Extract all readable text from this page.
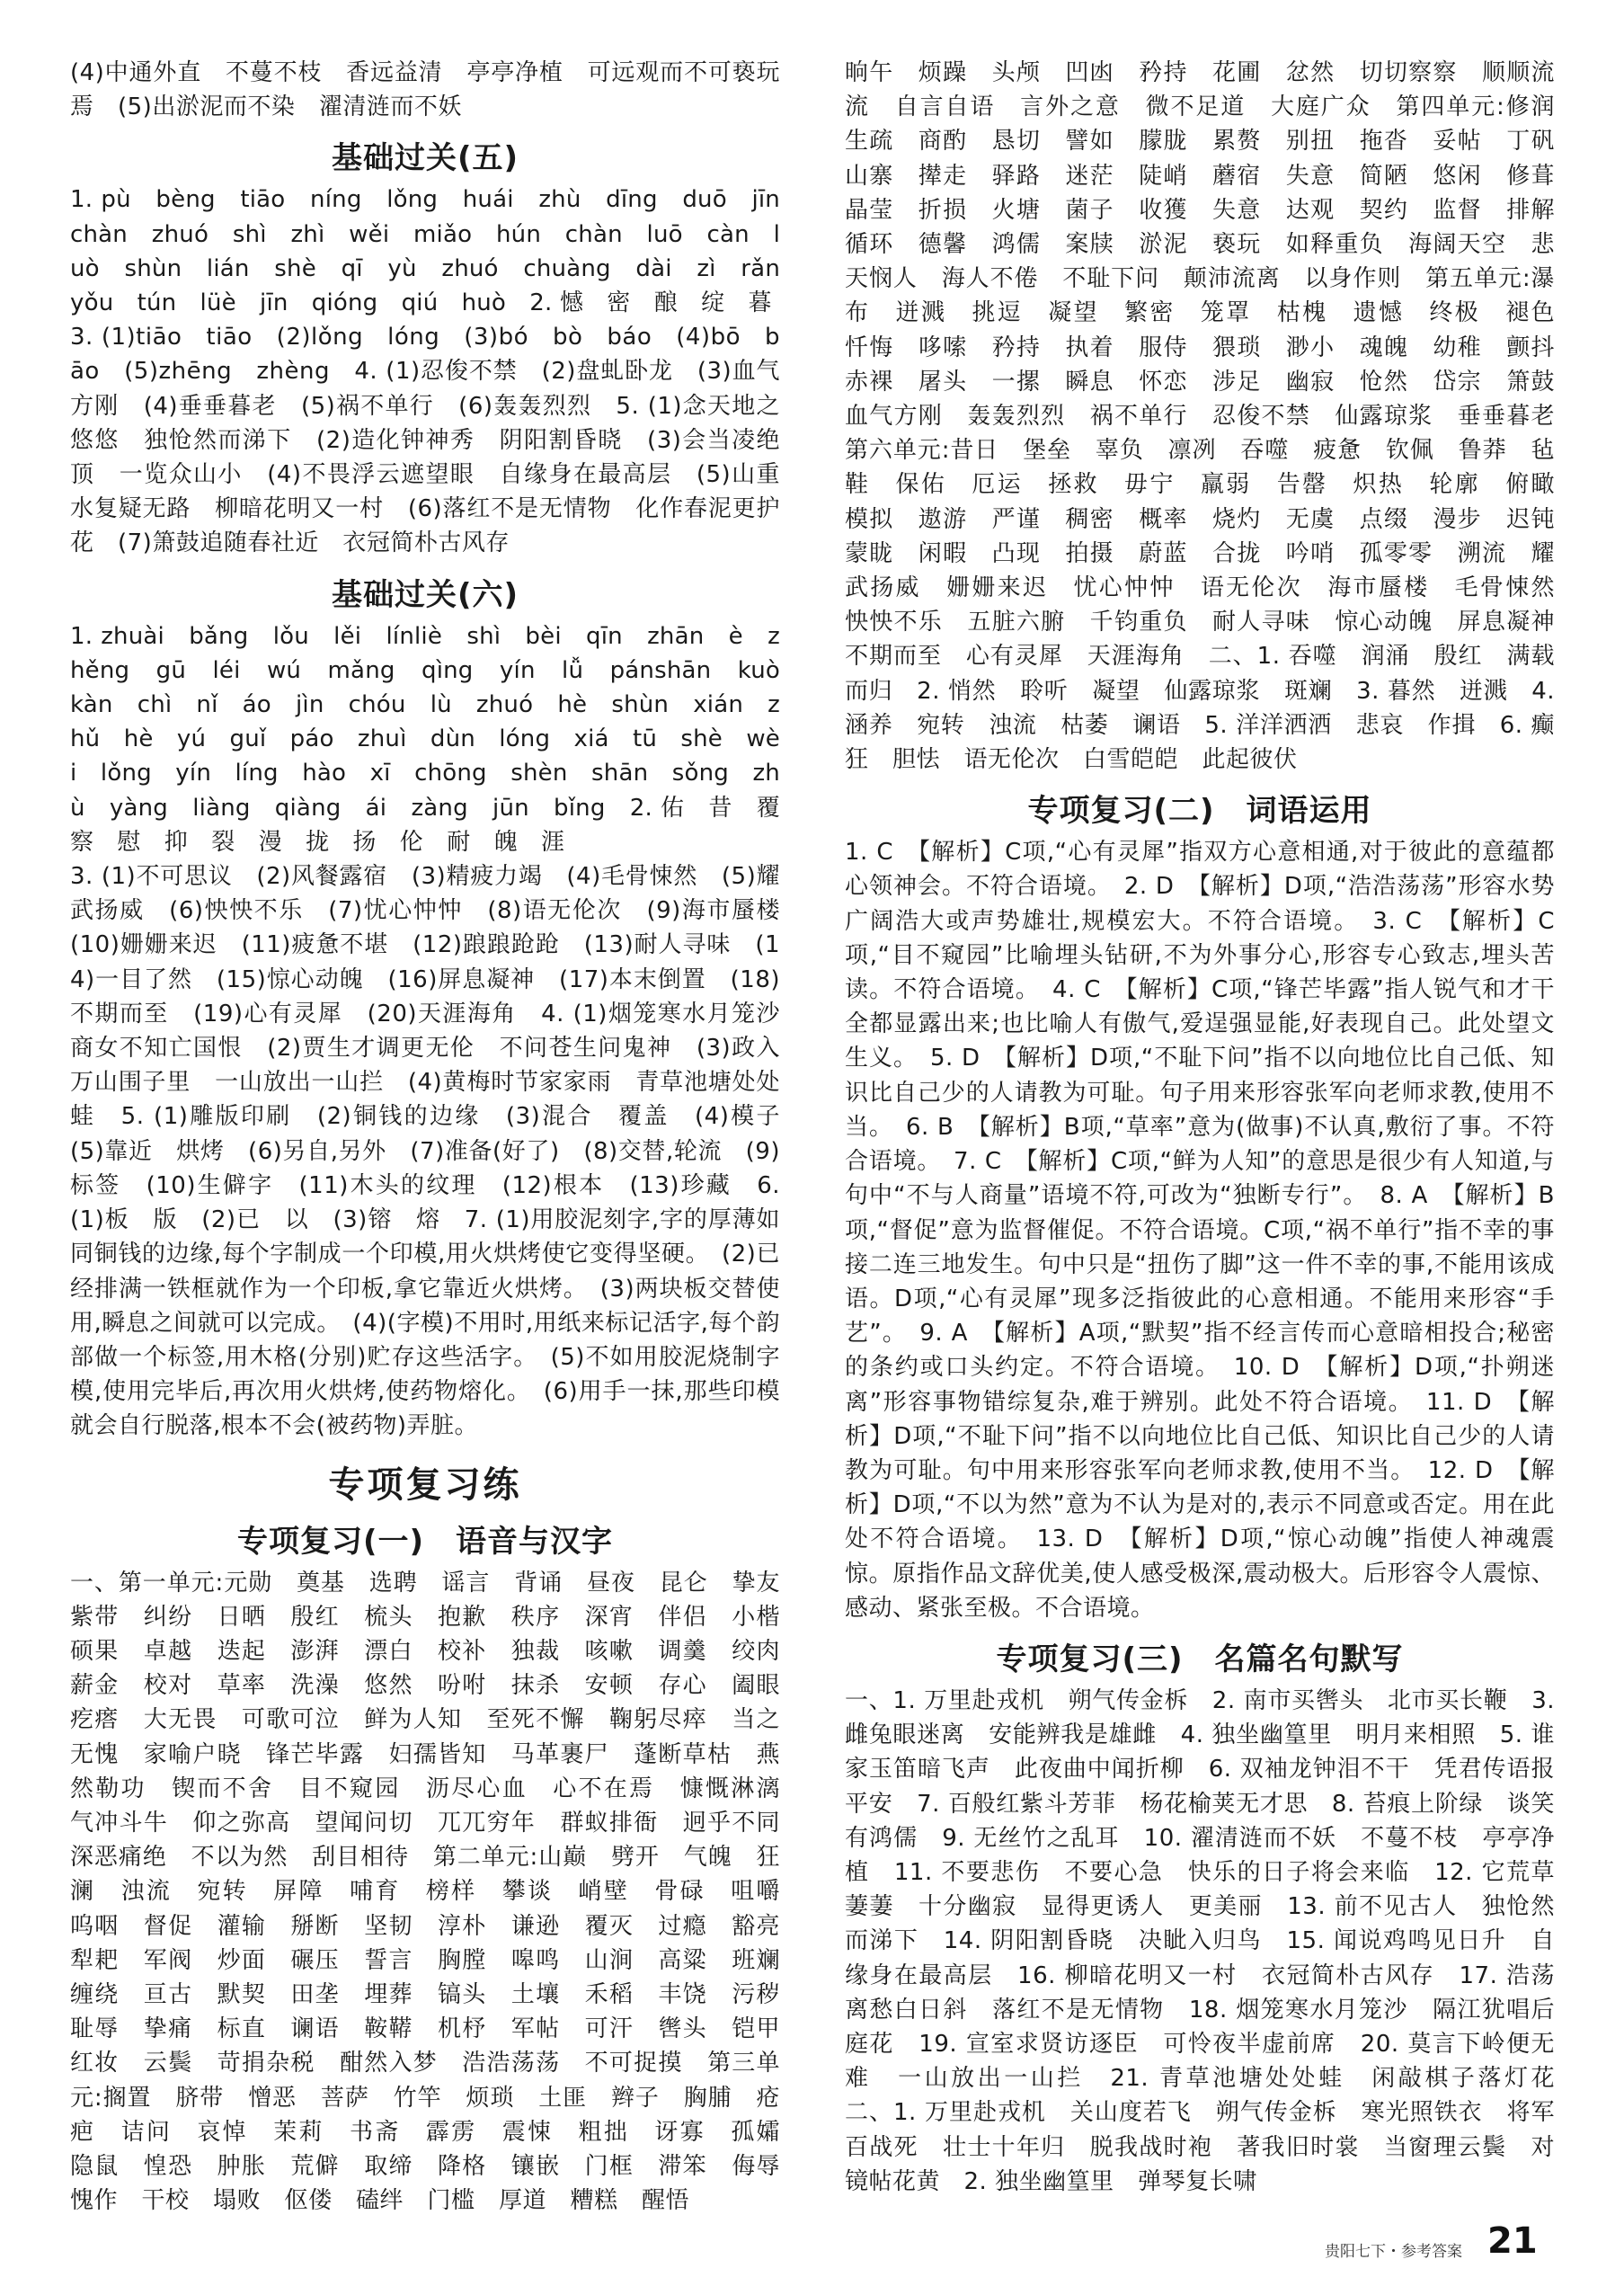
(4)中通外直　不蔓不枝　香远益清　亭亭净植　可远观而不可亵玩焉　(5)出淤泥而不染　濯清涟而不妖

基础过关(五)

1. pù　bèng　tiāo　níng　lǒng　huái　zhù　dīng　duō　jīn　chàn　zhuó　shì　zhì　wěi　miǎo　hún　chàn　luō　càn　luò　shùn　lián　shè　qī　yù　zhuó　chuàng　dài　zì　rǎn　yǒu　tún　lüè　jīn　qióng　qiú　huò　2. 憾　密　酿　绽　暮

3. (1)tiāo　tiāo　(2)lǒng　lóng　(3)bó　bò　báo　(4)bō　bāo　(5)zhēng　zhèng　4. (1)忍俊不禁　(2)盘虬卧龙　(3)血气方刚　(4)垂垂暮老　(5)祸不单行　(6)轰轰烈烈　5. (1)念天地之悠悠　独怆然而涕下　(2)造化钟神秀　阴阳割昏晓　(3)会当凌绝顶　一览众山小　(4)不畏浮云遮望眼　自缘身在最高层　(5)山重水复疑无路　柳暗花明又一村　(6)落红不是无情物　化作春泥更护花　(7)箫鼓追随春社近　衣冠简朴古风存

基础过关(六)

1. zhuài　bǎng　lǒu　lěi　línliè　shì　bèi　qīn　zhān　è　zhěng　gū　léi　wú　mǎng　qìng　yín　lǚ　pánshān　kuò　kàn　chì　nǐ　áo　jìn　chóu　lù　zhuó　hè　shùn　xián　zhǔ　hè　yú　guǐ　páo　zhuì　dùn　lóng　xiá　tū　shè　wèi　lǒng　yín　líng　hào　xī　chōng　shèn　shān　sǒng　zhù　yàng　liàng　qiàng　ái　zàng　jūn　bǐng　2. 佑　昔　覆　察　慰　抑　裂　漫　拢　扬　伦　耐　魄　涯

3. (1)不可思议　(2)风餐露宿　(3)精疲力竭　(4)毛骨悚然　(5)耀武扬威　(6)怏怏不乐　(7)忧心忡忡　(8)语无伦次　(9)海市蜃楼　(10)姗姗来迟　(11)疲惫不堪　(12)踉踉跄跄　(13)耐人寻味　(14)一目了然　(15)惊心动魄　(16)屏息凝神　(17)本末倒置　(18)不期而至　(19)心有灵犀　(20)天涯海角　4. (1)烟笼寒水月笼沙　商女不知亡国恨　(2)贾生才调更无伦　不问苍生问鬼神　(3)政入万山围子里　一山放出一山拦　(4)黄梅时节家家雨　青草池塘处处蛙　5. (1)雕版印刷　(2)铜钱的边缘　(3)混合　覆盖　(4)模子　(5)靠近　烘烤　(6)另自,另外　(7)准备(好了)　(8)交替,轮流　(9)标签　(10)生僻字　(11)木头的纹理　(12)根本　(13)珍藏　6. (1)板　版　(2)已　以　(3)镕　熔　7. (1)用胶泥刻字,字的厚薄如同铜钱的边缘,每个字制成一个印模,用火烘烤使它变得坚硬。　(2)已经排满一铁框就作为一个印板,拿它靠近火烘烤。　(3)两块板交替使用,瞬息之间就可以完成。　(4)(字模)不用时,用纸来标记活字,每个韵部做一个标签,用木格(分别)贮存这些活字。　(5)不如用胶泥烧制字模,使用完毕后,再次用火烘烤,使药物熔化。　(6)用手一抹,那些印模就会自行脱落,根本不会(被药物)弄脏。

专项复习练
专项复习(一)　语音与汉字

一、第一单元:元勋　奠基　选聘　谣言　背诵　昼夜　昆仑　挚友　紫带　纠纷　日晒　殷红　梳头　抱歉　秩序　深宵　伴侣　小楷　硕果　卓越　迭起　澎湃　漂白　校补　独裁　咳嗽　调羹　绞肉　薪金　校对　草率　洗澡　悠然　吩咐　抹杀　安顿　存心　阖眼　疙瘩　大无畏　可歌可泣　鲜为人知　至死不懈　鞠躬尽瘁　当之无愧　家喻户晓　锋芒毕露　妇孺皆知　马革裹尸　蓬断草枯　燕然勒功　锲而不舍　目不窥园　沥尽心血　心不在焉　慷慨淋漓　气冲斗牛　仰之弥高　望闻问切　兀兀穷年　群蚁排衙　迥乎不同　深恶痛绝　不以为然　刮目相待　第二单元:山巅　劈开　气魄　狂澜　浊流　宛转　屏障　哺育　榜样　攀谈　峭壁　骨碌　咀嚼　呜咽　督促　灌输　掰断　坚韧　淳朴　谦逊　覆灭　过瘾　豁亮　犁耙　军阀　炒面　碾压　誓言　胸膛　嗥鸣　山涧　高粱　班斓　缠绕　亘古　默契　田垄　埋葬　镐头　土壤　禾稻　丰饶　污秽　耻辱　挚痛　标直　谰语　鞍鞯　机杼　军帖　可汗　辔头　铠甲　红妆　云鬓　苛捐杂税　酣然入梦　浩浩荡荡　不可捉摸　第三单元:搁置　脐带　憎恶　菩萨　竹竿　烦琐　土匪　辫子　胸脯　疮疤　诘问　哀悼　茉莉　书斋　霹雳　震悚　粗拙　讶寡　孤孀　隐鼠　惶恐　肿胀　荒僻　取缔　降格　镶嵌　门框　滞笨　侮辱　愧作　干校　塌败　伛偻　磕绊　门槛　厚道　糟糕　醒悟

晌午　烦躁　头颅　凹凼　矜持　花圃　忿然　切切察察　顺顺流流　自言自语　言外之意　微不足道　大庭广众　第四单元:修润　生疏　商酌　恳切　譬如　朦胧　累赘　别扭　拖沓　妥帖　丁矾　山寨　撵走　驿路　迷茫　陡峭　蘑宿　失意　简陋　悠闲　修葺　晶莹　折损　火塘　菌子　收獲　失意　达观　契约　监督　排解　循环　德馨　鸿儒　案牍　淤泥　亵玩　如释重负　海阔天空　悲天悯人　海人不倦　不耻下问　颠沛流离　以身作则　第五单元:瀑布　迸溅　挑逗　凝望　繁密　笼罩　枯槐　遗憾　终极　褪色　忏悔　哆嗦　矜持　执着　服侍　猥琐　渺小　魂魄　幼稚　颤抖　赤裸　屠头　一摞　瞬息　怀恋　涉足　幽寂　怆然　岱宗　箫鼓　血气方刚　轰轰烈烈　祸不单行　忍俊不禁　仙露琼浆　垂垂暮老　第六单元:昔日　堡垒　辜负　凛冽　吞噬　疲惫　钦佩　鲁莽　毡鞋　保佑　厄运　拯救　毋宁　羸弱　告罄　炽热　轮廓　俯瞰　模拟　遨游　严谨　稠密　概率　烧灼　无虞　点缀　漫步　迟钝　蒙眬　闲暇　凸现　拍摄　蔚蓝　合拢　吟哨　孤零零　溯流　耀武扬威　姗姗来迟　忧心忡忡　语无伦次　海市蜃楼　毛骨悚然　怏怏不乐　五脏六腑　千钧重负　耐人寻味　惊心动魄　屏息凝神　不期而至　心有灵犀　天涯海角　二、1. 吞噬　润涌　殷红　满载而归　2. 悄然　聆听　凝望　仙露琼浆　斑斓　3. 暮然　迸溅　4. 涵养　宛转　浊流　枯萎　谰语　5. 洋洋洒洒　悲哀　作揖　6. 癫狂　胆怯　语无伦次　白雪皑皑　此起彼伏

专项复习(二)　词语运用

1. C　【解析】C项,“心有灵犀”指双方心意相通,对于彼此的意蕴都心领神会。不符合语境。　2. D　【解析】D项,“浩浩荡荡”形容水势广阔浩大或声势雄壮,规模宏大。不符合语境。　3. C　【解析】C项,“目不窥园”比喻埋头钻研,不为外事分心,形容专心致志,埋头苦读。不符合语境。　4. C　【解析】C项,“锋芒毕露”指人锐气和才干全都显露出来;也比喻人有傲气,爱逞强显能,好表现自己。此处望文生义。　5. D　【解析】D项,“不耻下问”指不以向地位比自己低、知识比自己少的人请教为可耻。句子用来形容张军向老师求教,使用不当。　6. B　【解析】B项,“草率”意为(做事)不认真,敷衍了事。不符合语境。　7. C　【解析】C项,“鲜为人知”的意思是很少有人知道,与句中“不与人商量”语境不符,可改为“独断专行”。　8. A　【解析】B项,“督促”意为监督催促。不符合语境。C项,“祸不单行”指不幸的事接二连三地发生。句中只是“扭伤了脚”这一件不幸的事,不能用该成语。D项,“心有灵犀”现多泛指彼此的心意相通。不能用来形容“手艺”。　9. A　【解析】A项,“默契”指不经言传而心意暗相投合;秘密的条约或口头约定。不符合语境。　10. D　【解析】D项,“扑朔迷离”形容事物错综复杂,难于辨别。此处不符合语境。　11. D　【解析】D项,“不耻下问”指不以向地位比自己低、知识比自己少的人请教为可耻。句中用来形容张军向老师求教,使用不当。　12. D　【解析】D项,“不以为然”意为不认为是对的,表示不同意或否定。用在此处不符合语境。　13. D　【解析】D项,“惊心动魄”指使人神魂震惊。原指作品文辞优美,使人感受极深,震动极大。后形容令人震惊、感动、紧张至极。不合语境。

专项复习(三)　名篇名句默写

一、1. 万里赴戎机　朔气传金柝　2. 南市买辔头　北市买长鞭　3. 雌兔眼迷离　安能辨我是雄雌　4. 独坐幽篁里　明月来相照　5. 谁家玉笛暗飞声　此夜曲中闻折柳　6. 双袖龙钟泪不干　凭君传语报平安　7. 百般红紫斗芳菲　杨花榆荚无才思　8. 苔痕上阶绿　谈笑有鸿儒　9. 无丝竹之乱耳　10. 濯清涟而不妖　不蔓不枝　亭亭净植　11. 不要悲伤　不要心急　快乐的日子将会来临　12. 它荒草萋萋　十分幽寂　显得更诱人　更美丽　13. 前不见古人　独怆然而涕下　14. 阴阳割昏晓　决眦入归鸟　15. 闻说鸡鸣见日升　自缘身在最高层　16. 柳暗花明又一村　衣冠简朴古风存　17. 浩荡离愁白日斜　落红不是无情物　18. 烟笼寒水月笼沙　隔江犹唱后庭花　19. 宣室求贤访逐臣　可怜夜半虚前席　20. 莫言下岭便无难　一山放出一山拦　21. 青草池塘处处蛙　闲敲棋子落灯花　二、1. 万里赴戎机　关山度若飞　朔气传金柝　寒光照铁衣　将军百战死　壮士十年归　脱我战时袍　著我旧时裳　当窗理云鬓　对镜帖花黄　2. 独坐幽篁里　弹琴复长啸

贵阳七下・参考答案 21
